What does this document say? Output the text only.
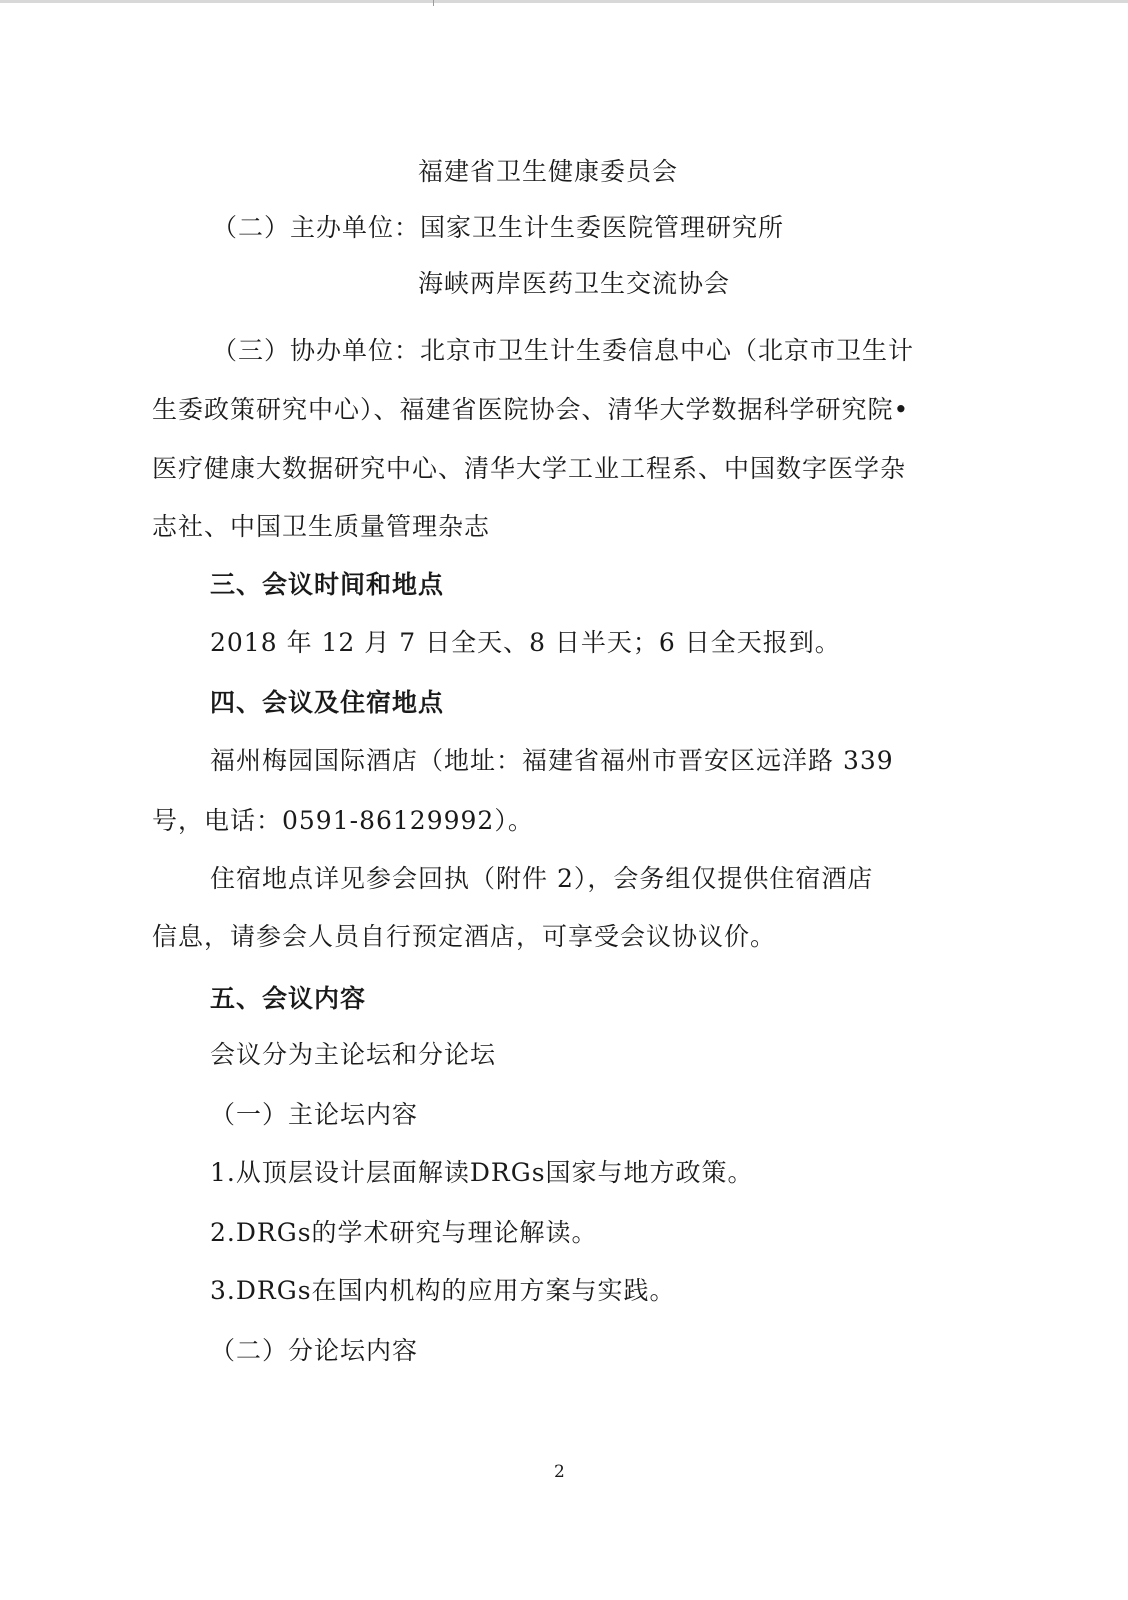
福建省卫生健康委员会
（二）主办单位：国家卫生计生委医院管理研究所
海峡两岸医药卫生交流协会
（三）协办单位：北京市卫生计生委信息中心（北京市卫生计
生委政策研究中心）、福建省医院协会、清华大学数据科学研究院•
医疗健康大数据研究中心、清华大学工业工程系、中国数字医学杂
志社、中国卫生质量管理杂志
三、会议时间和地点
2018 年 12 月 7 日全天、8 日半天；6 日全天报到。
四、会议及住宿地点
福州梅园国际酒店（地址：福建省福州市晋安区远洋路 339
号，电话：0591-86129992）。
住宿地点详见参会回执（附件 2），会务组仅提供住宿酒店
信息，请参会人员自行预定酒店，可享受会议协议价。
五、会议内容
会议分为主论坛和分论坛
（一）主论坛内容
1.从顶层设计层面解读DRGs国家与地方政策。
2.DRGs的学术研究与理论解读。
3.DRGs在国内机构的应用方案与实践。
（二）分论坛内容
2
